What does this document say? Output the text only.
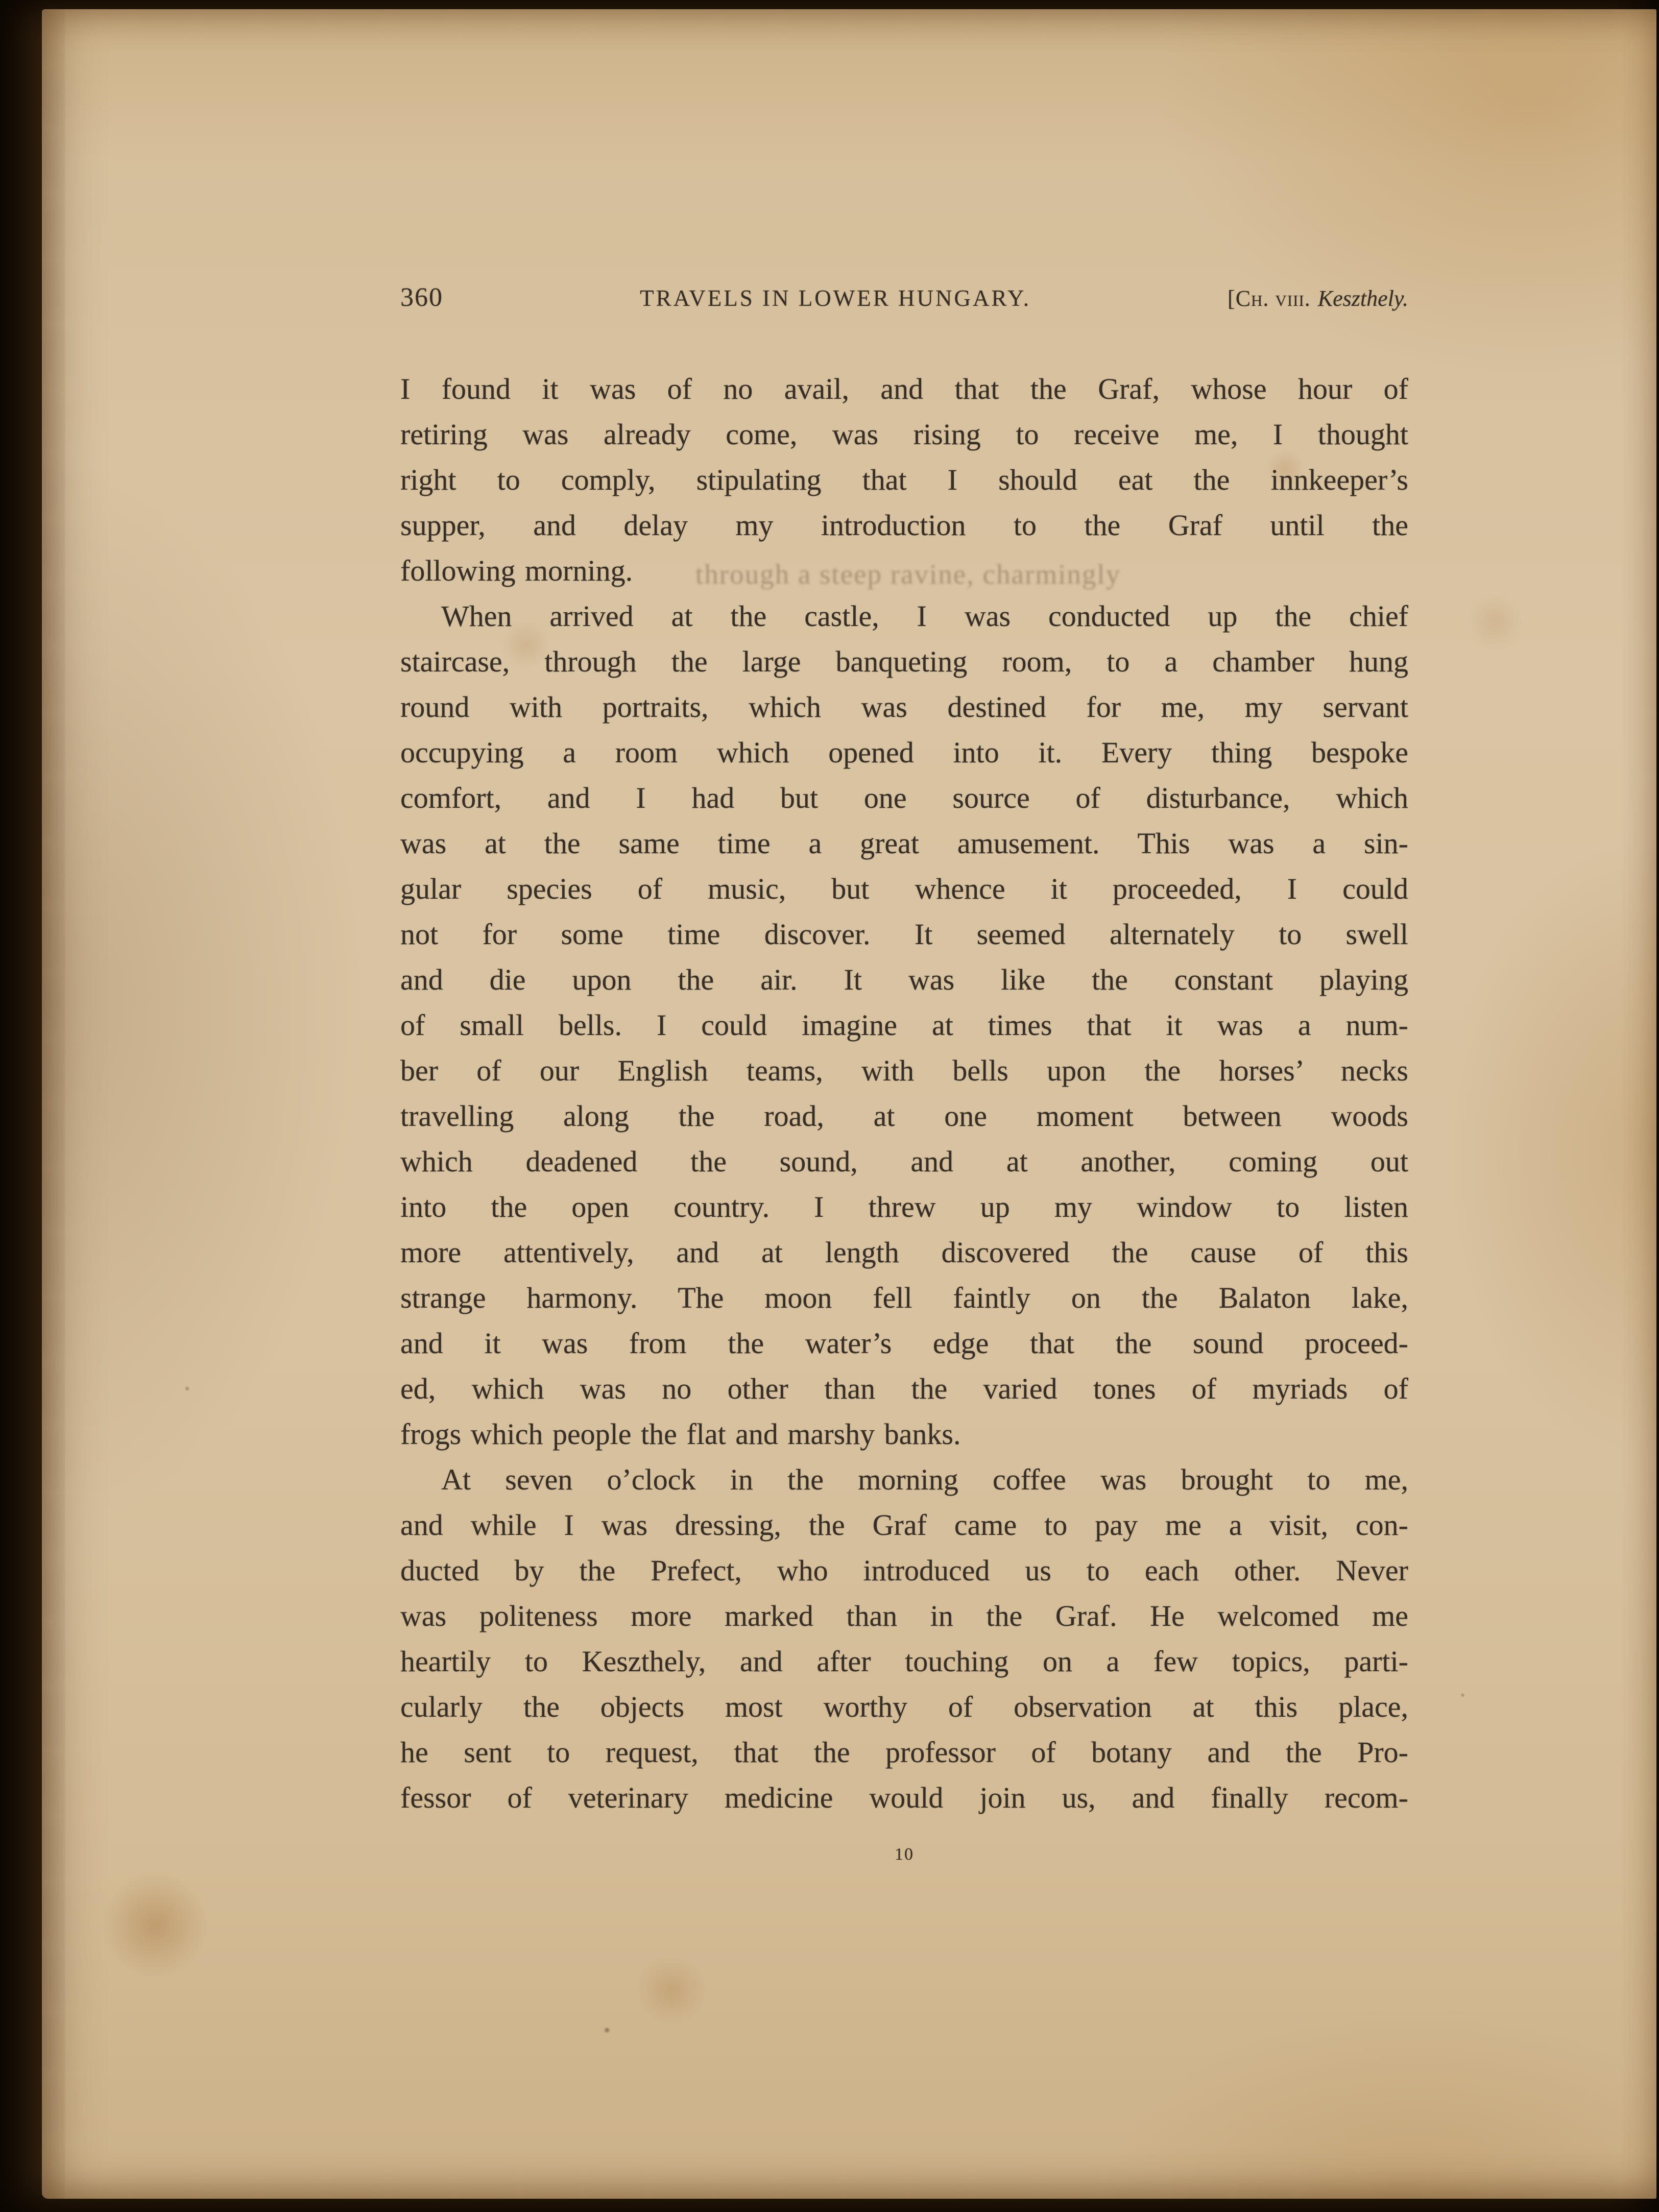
through a steep ravine, charmingly
360	TRAVELS IN LOWER HUNGARY.	[Ch. viii. Keszthely.
I found it was of no avail, and that the Graf, whose hour of
retiring was already come, was rising to receive me, I thought
right to comply, stipulating that I should eat the innkeeper’s
supper, and delay my introduction to the Graf until the
following morning.
When arrived at the castle, I was conducted up the chief
staircase, through the large banqueting room, to a chamber hung
round with portraits, which was destined for me, my servant
occupying a room which opened into it. Every thing bespoke
comfort, and I had but one source of disturbance, which
was at the same time a great amusement. This was a sin-
gular species of music, but whence it proceeded, I could
not for some time discover. It seemed alternately to swell
and die upon the air. It was like the constant playing
of small bells. I could imagine at times that it was a num-
ber of our English teams, with bells upon the horses’ necks
travelling along the road, at one moment between woods
which deadened the sound, and at another, coming out
into the open country. I threw up my window to listen
more attentively, and at length discovered the cause of this
strange harmony. The moon fell faintly on the Balaton lake,
and it was from the water’s edge that the sound proceed-
ed, which was no other than the varied tones of myriads of
frogs which people the flat and marshy banks.
At seven o’clock in the morning coffee was brought to me,
and while I was dressing, the Graf came to pay me a visit, con-
ducted by the Prefect, who introduced us to each other. Never
was politeness more marked than in the Graf. He welcomed me
heartily to Keszthely, and after touching on a few topics, parti-
cularly the objects most worthy of observation at this place,
he sent to request, that the professor of botany and the Pro-
fessor of veterinary medicine would join us, and finally recom-
10
